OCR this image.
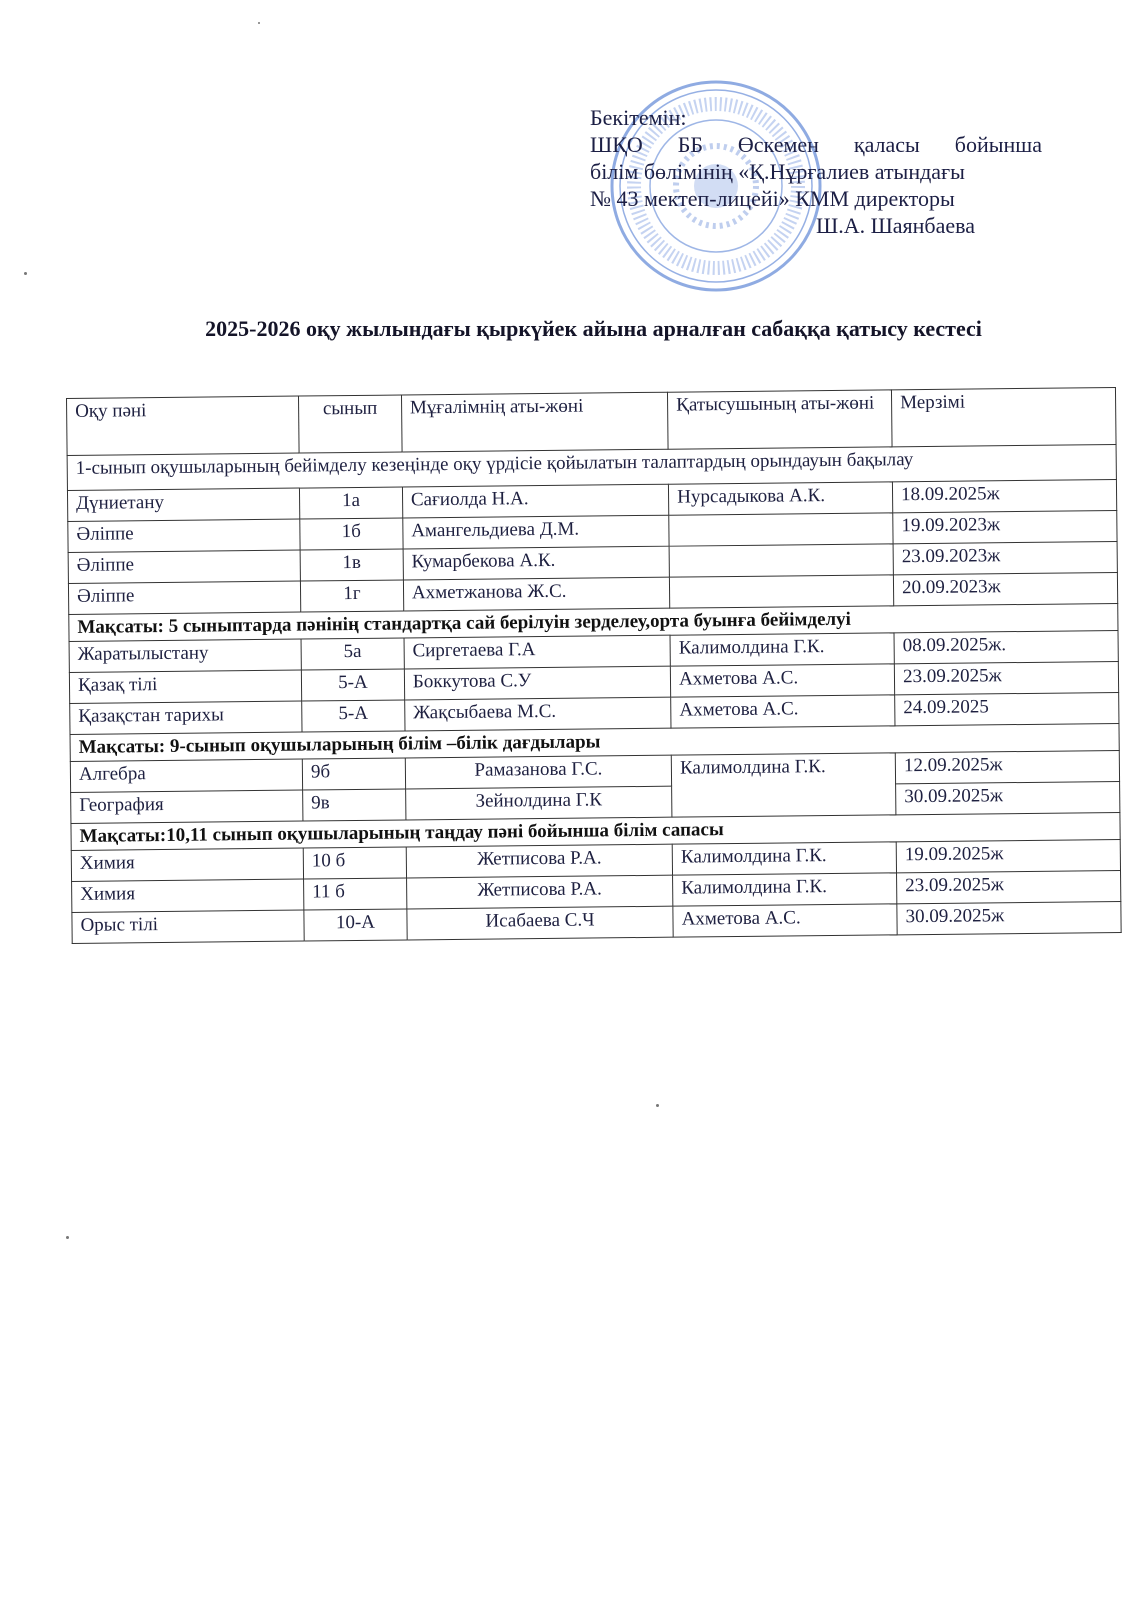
Бекітемін:
ШҚО ББ Өскемен қаласы бойынша
білім бөлімінің «Қ.Нұрғалиев атындағы
№ 43 мектеп-лицейі» КММ директоры
Ш.А. Шаянбаева
2025-2026 оқу жылындағы қыркүйек айына арналған сабаққа қатысу кестесі
Оқу пәні	сынып	Мұғалімнің аты-жөні	Қатысушының аты-жөні	Мерзімі
1-сынып оқушыларының бейімделу кезеңінде оқу үрдісіе қойылатын талаптардың орындауын бақылау				
Дүниетану	1а	Сағиолда Н.А.	Нурсадыкова А.К.	18.09.2025ж
Әліппе	1б	Амангельдиева Д.М.		19.09.2023ж
Әліппе	1в	Кумарбекова А.К.		23.09.2023ж
Әліппе	1г	Ахметжанова Ж.С.		20.09.2023ж
Мақсаты: 5 сыныптарда пәнінің стандартқа сай берілуін зерделеу,орта буынға бейімделуі				
Жаратылыстану	5а	Сиргетаева Г.А	Калимолдина Г.К.	08.09.2025ж.
Қазақ тілі	5-А	Боккутова С.У	Ахметова А.С.	23.09.2025ж
Қазақстан тарихы	5-А	Жақсыбаева М.С.	Ахметова А.С.	24.09.2025
Мақсаты: 9-сынып оқушыларының білім –білік дағдылары				
Алгебра	9б	Рамазанова Г.С.	Калимолдина Г.К.	12.09.2025ж
География	9в	Зейнолдина Г.К		30.09.2025ж
Мақсаты:10,11 сынып оқушыларының таңдау пәні бойынша білім сапасы				
Химия	10 б	Жетписова Р.А.	Калимолдина Г.К.	19.09.2025ж
Химия	11 б	Жетписова Р.А.	Калимолдина Г.К.	23.09.2025ж
Орыс тілі	10-А	Исабаева С.Ч	Ахметова А.С.	30.09.2025ж
